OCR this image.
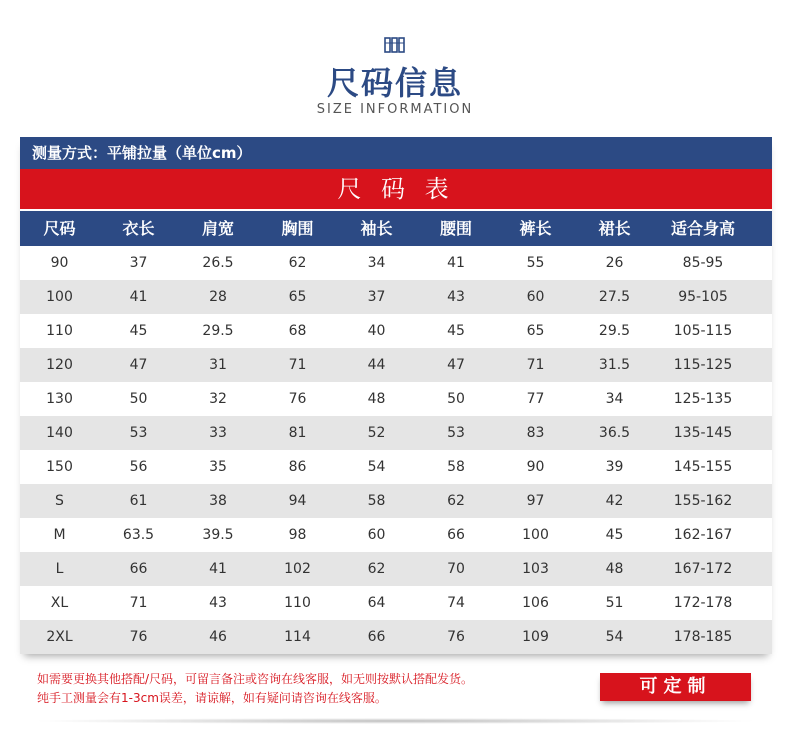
尺码信息
SIZE INFORMATION
测量方式：平铺拉量（单位cm）
尺 码 表
尺码	衣长	肩宽	胸围	袖长	腰围	裤长	裙长	适合身高
90	37	26.5	62	34	41	55	26	85-95
100	41	28	65	37	43	60	27.5	95-105
110	45	29.5	68	40	45	65	29.5	105-115
120	47	31	71	44	47	71	31.5	115-125
130	50	32	76	48	50	77	34	125-135
140	53	33	81	52	53	83	36.5	135-145
150	56	35	86	54	58	90	39	145-155
S	61	38	94	58	62	97	42	155-162
M	63.5	39.5	98	60	66	100	45	162-167
L	66	41	102	62	70	103	48	167-172
XL	71	43	110	64	74	106	51	172-178
2XL	76	46	114	66	76	109	54	178-185
如需要更换其他搭配/尺码，可留言备注或咨询在线客服，如无则按默认搭配发货。
纯手工测量会有1-3cm误差，请谅解，如有疑问请咨询在线客服。
可定制
